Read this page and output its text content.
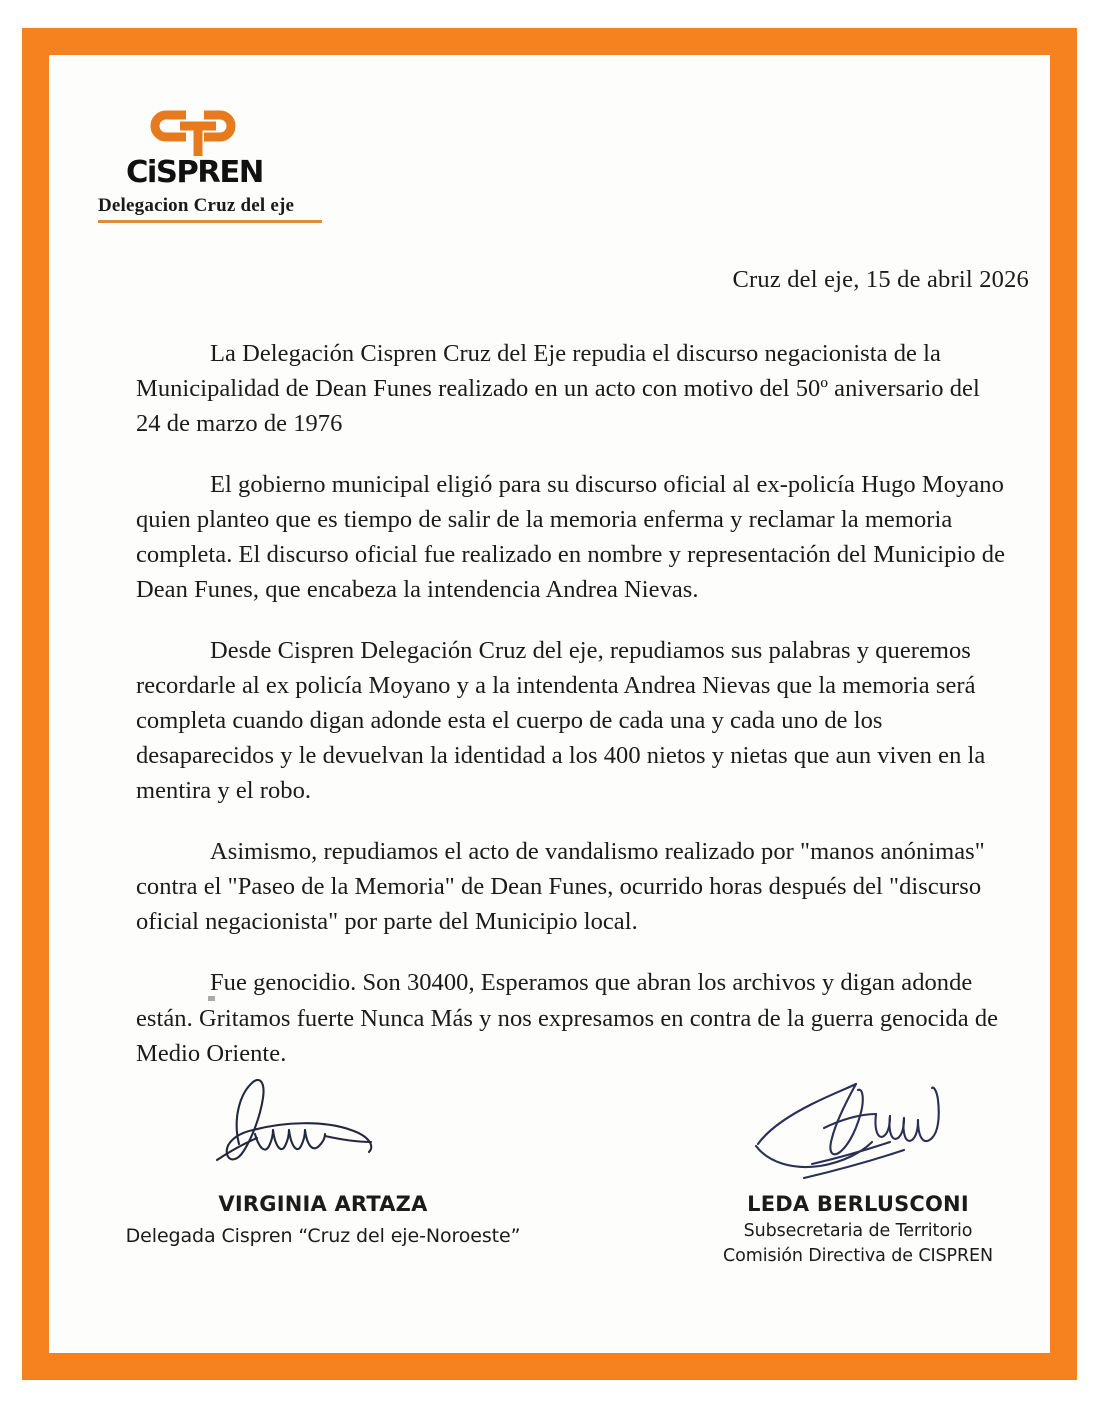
CiSPREN
Delegacion Cruz del eje
Cruz del eje, 15 de abril 2026

La Delegación Cispren Cruz del Eje repudia el discurso negacionista de la Municipalidad de Dean Funes realizado en un acto con motivo del 50º aniversario del 24 de marzo de 1976

El gobierno municipal eligió para su discurso oficial al ex-policía Hugo Moyano quien planteo que es tiempo de salir de la memoria enferma y reclamar la memoria completa. El discurso oficial fue realizado en nombre y representación del Municipio de Dean Funes, que encabeza la intendencia Andrea Nievas.

Desde Cispren Delegación Cruz del eje, repudiamos sus palabras y queremos recordarle al ex policía Moyano y a la intendenta Andrea Nievas que la memoria será completa cuando digan adonde esta el cuerpo de cada una y cada uno de los desaparecidos y le devuelvan la identidad a los 400 nietos y nietas que aun viven en la mentira y el robo.

Asimismo, repudiamos el acto de vandalismo realizado por "manos anónimas" contra el "Paseo de la Memoria" de Dean Funes, ocurrido horas después del "discurso oficial negacionista" por parte del Municipio local.

Fue genocidio. Son 30400, Esperamos que abran los archivos y digan adonde están. Gritamos fuerte Nunca Más y nos expresamos en contra de la guerra genocida de Medio Oriente.

VIRGINIA ARTAZA
Delegada Cispren “Cruz del eje-Noroeste”
LEDA BERLUSCONI
Subsecretaria de Territorio
Comisión Directiva de CISPREN
